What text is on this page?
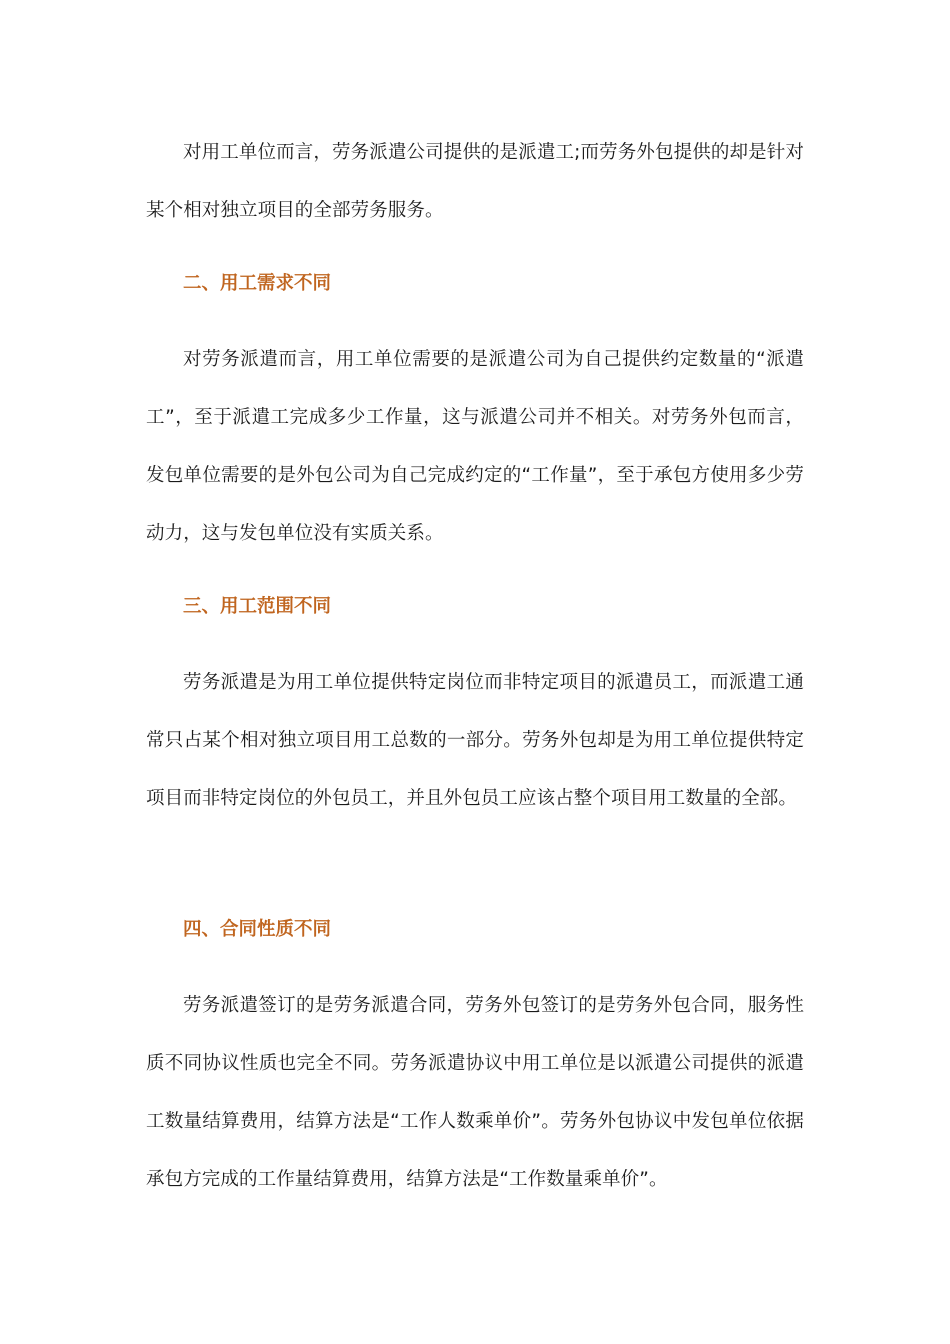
对用工单位而言，劳务派遣公司提供的是派遣工;而劳务外包提供的却是针对某个相对独立项目的全部劳务服务。

二、用工需求不同

对劳务派遣而言，用工单位需要的是派遣公司为自己提供约定数量的“派遣工”，至于派遣工完成多少工作量，这与派遣公司并不相关。对劳务外包而言，发包单位需要的是外包公司为自己完成约定的“工作量”，至于承包方使用多少劳动力，这与发包单位没有实质关系。

三、用工范围不同

劳务派遣是为用工单位提供特定岗位而非特定项目的派遣员工，而派遣工通常只占某个相对独立项目用工总数的一部分。劳务外包却是为用工单位提供特定项目而非特定岗位的外包员工，并且外包员工应该占整个项目用工数量的全部。

四、合同性质不同

劳务派遣签订的是劳务派遣合同，劳务外包签订的是劳务外包合同，服务性质不同协议性质也完全不同。劳务派遣协议中用工单位是以派遣公司提供的派遣工数量结算费用，结算方法是“工作人数乘单价”。劳务外包协议中发包单位依据承包方完成的工作量结算费用，结算方法是“工作数量乘单价”。
